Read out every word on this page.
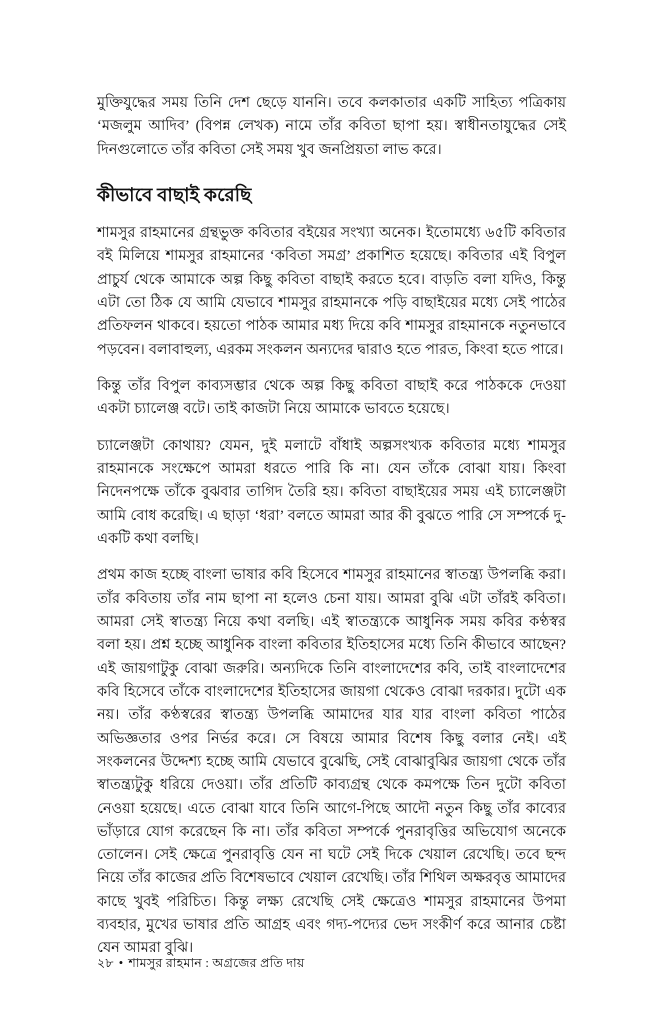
মুক্তিযুদ্ধের সময় তিনি দেশ ছেড়ে যাননি। তবে কলকাতার একটি সাহিত্য পত্রিকায় ‘মজলুম আদিব’ (বিপন্ন লেখক) নামে তাঁর কবিতা ছাপা হয়। স্বাধীনতাযুদ্ধের সেই দিনগুলোতে তাঁর কবিতা সেই সময় খুব জনপ্রিয়তা লাভ করে।

কীভাবে বাছাই করেছি

শামসুর রাহমানের গ্রন্থভুক্ত কবিতার বইয়ের সংখ্যা অনেক। ইতোমধ্যে ৬৫টি কবিতার বই মিলিয়ে শামসুর রাহমানের ‘কবিতা সমগ্র’ প্রকাশিত হয়েছে। কবিতার এই বিপুল প্রাচুর্য থেকে আমাকে অল্প কিছু কবিতা বাছাই করতে হবে। বাড়তি বলা যদিও, কিন্তু এটা তো ঠিক যে আমি যেভাবে শামসুর রাহমানকে পড়ি বাছাইয়ের মধ্যে সেই পাঠের প্রতিফলন থাকবে। হয়তো পাঠক আমার মধ্য দিয়ে কবি শামসুর রাহমানকে নতুনভাবে পড়বেন। বলাবাহুল্য, এরকম সংকলন অন্যদের দ্বারাও হতে পারত, কিংবা হতে পারে।

কিন্তু তাঁর বিপুল কাব্যসম্ভার থেকে অল্প কিছু কবিতা বাছাই করে পাঠককে দেওয়া একটা চ্যালেঞ্জ বটে। তাই কাজটা নিয়ে আমাকে ভাবতে হয়েছে।

চ্যালেঞ্জটা কোথায়? যেমন, দুই মলাটে বাঁধাই অল্পসংখ্যক কবিতার মধ্যে শামসুর রাহমানকে সংক্ষেপে আমরা ধরতে পারি কি না। যেন তাঁকে বোঝা যায়। কিংবা নিদেনপক্ষে তাঁকে বুঝবার তাগিদ তৈরি হয়। কবিতা বাছাইয়ের সময় এই চ্যালেঞ্জটা আমি বোধ করেছি। এ ছাড়া ‘ধরা’ বলতে আমরা আর কী বুঝতে পারি সে সম্পর্কে দু-একটি কথা বলছি।

প্রথম কাজ হচ্ছে বাংলা ভাষার কবি হিসেবে শামসুর রাহমানের স্বাতন্ত্র্য উপলব্ধি করা। তাঁর কবিতায় তাঁর নাম ছাপা না হলেও চেনা যায়। আমরা বুঝি এটা তাঁরই কবিতা। আমরা সেই স্বাতন্ত্র্য নিয়ে কথা বলছি। এই স্বাতন্ত্র্যকে আধুনিক সময় কবির কণ্ঠস্বর বলা হয়। প্রশ্ন হচ্ছে আধুনিক বাংলা কবিতার ইতিহাসের মধ্যে তিনি কীভাবে আছেন? এই জায়গাটুকু বোঝা জরুরি। অন্যদিকে তিনি বাংলাদেশের কবি, তাই বাংলাদেশের কবি হিসেবে তাঁকে বাংলাদেশের ইতিহাসের জায়গা থেকেও বোঝা দরকার। দুটো এক নয়। তাঁর কণ্ঠস্বরের স্বাতন্ত্র্য উপলব্ধি আমাদের যার যার বাংলা কবিতা পাঠের অভিজ্ঞতার ওপর নির্ভর করে। সে বিষয়ে আমার বিশেষ কিছু বলার নেই। এই সংকলনের উদ্দেশ্য হচ্ছে আমি যেভাবে বুঝেছি, সেই বোঝাবুঝির জায়গা থেকে তাঁর স্বাতন্ত্র্যটুকু ধরিয়ে দেওয়া। তাঁর প্রতিটি কাব্যগ্রন্থ থেকে কমপক্ষে তিন দুটো কবিতা নেওয়া হয়েছে। এতে বোঝা যাবে তিনি আগে-পিছে আদৌ নতুন কিছু তাঁর কাব্যের ভাঁড়ারে যোগ করেছেন কি না। তাঁর কবিতা সম্পর্কে পুনরাবৃত্তির অভিযোগ অনেকে তোলেন। সেই ক্ষেত্রে পুনরাবৃত্তি যেন না ঘটে সেই দিকে খেয়াল রেখেছি। তবে ছন্দ নিয়ে তাঁর কাজের প্রতি বিশেষভাবে খেয়াল রেখেছি। তাঁর শিথিল অক্ষরবৃত্ত আমাদের কাছে খুবই পরিচিত। কিন্তু লক্ষ্য রেখেছি সেই ক্ষেত্রেও শামসুর রাহমানের উপমা ব্যবহার, মুখের ভাষার প্রতি আগ্রহ এবং গদ্য-পদ্যের ভেদ সংকীর্ণ করে আনার চেষ্টা যেন আমরা বুঝি।

২৮ • শামসুর রাহমান : অগ্রজের প্রতি দায়
